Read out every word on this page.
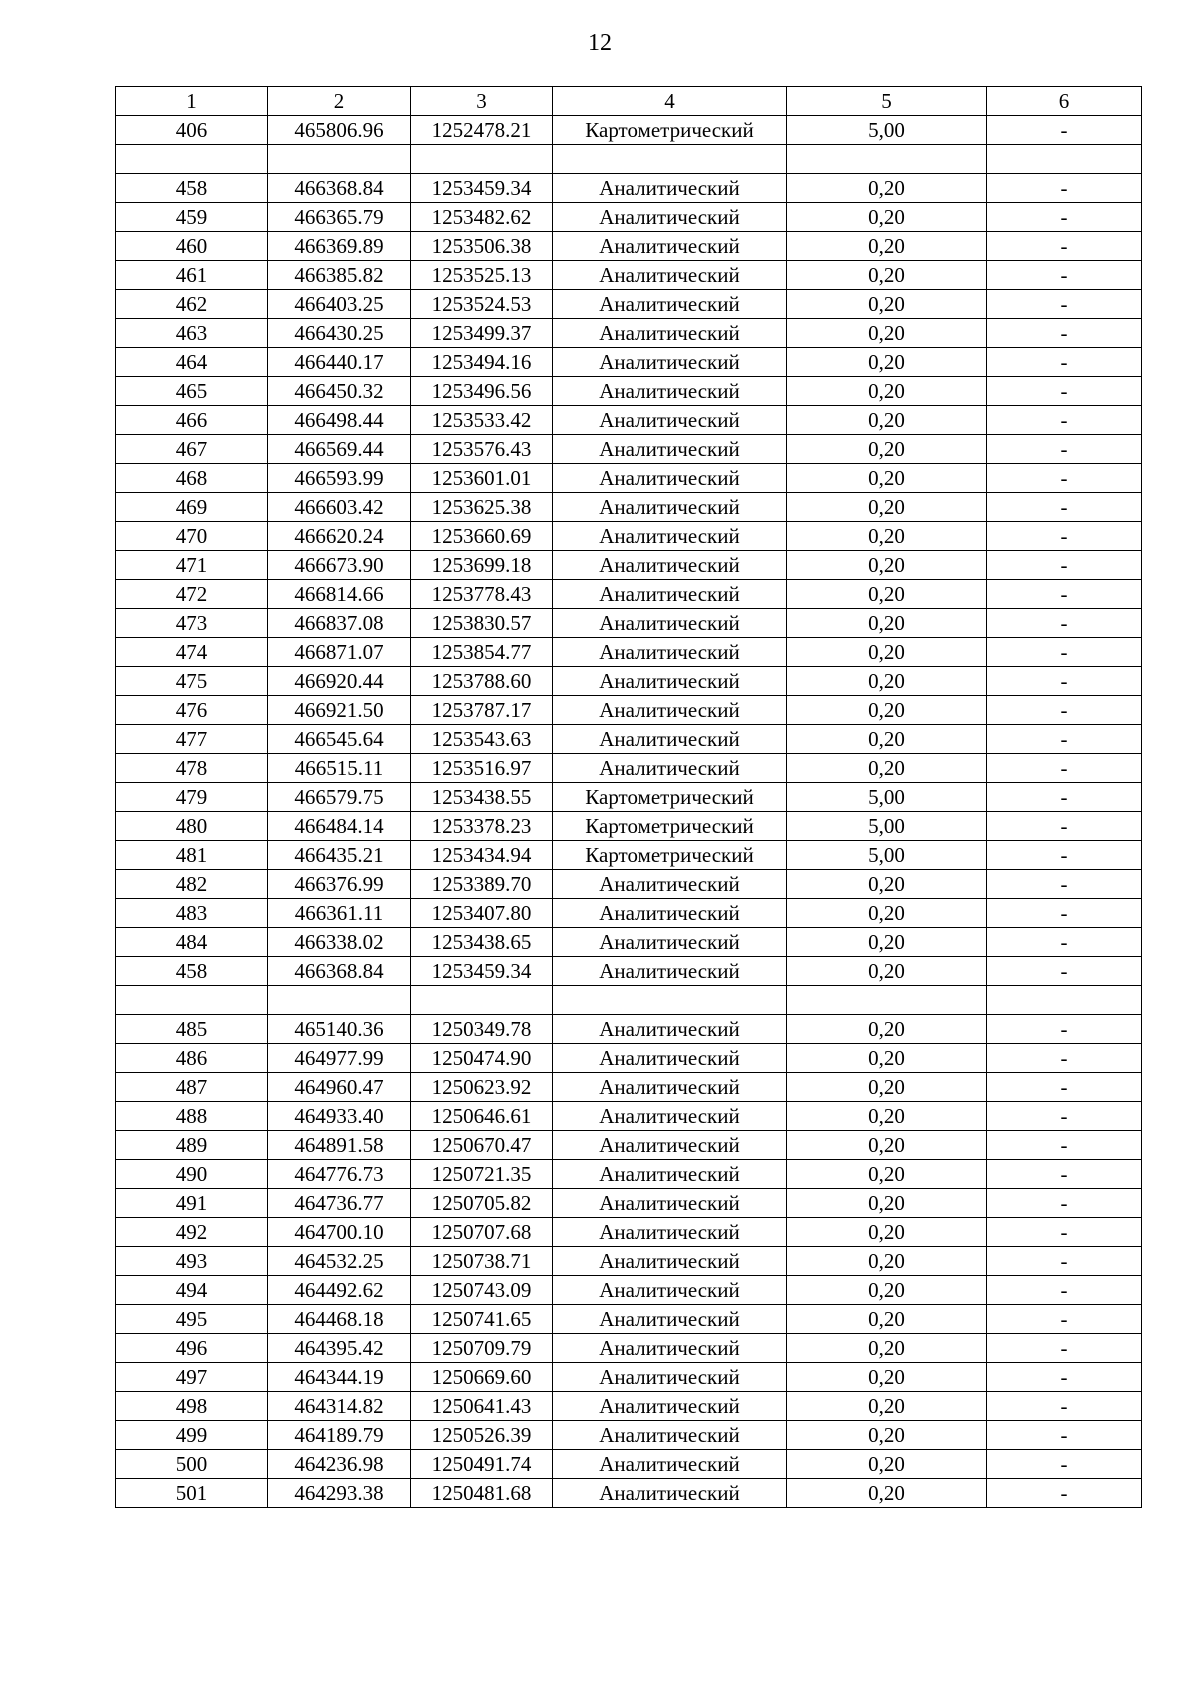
12
1	2	3	4	5	6
406	465806.96	1252478.21	Картометрический	5,00	-

458	466368.84	1253459.34	Аналитический	0,20	-
459	466365.79	1253482.62	Аналитический	0,20	-
460	466369.89	1253506.38	Аналитический	0,20	-
461	466385.82	1253525.13	Аналитический	0,20	-
462	466403.25	1253524.53	Аналитический	0,20	-
463	466430.25	1253499.37	Аналитический	0,20	-
464	466440.17	1253494.16	Аналитический	0,20	-
465	466450.32	1253496.56	Аналитический	0,20	-
466	466498.44	1253533.42	Аналитический	0,20	-
467	466569.44	1253576.43	Аналитический	0,20	-
468	466593.99	1253601.01	Аналитический	0,20	-
469	466603.42	1253625.38	Аналитический	0,20	-
470	466620.24	1253660.69	Аналитический	0,20	-
471	466673.90	1253699.18	Аналитический	0,20	-
472	466814.66	1253778.43	Аналитический	0,20	-
473	466837.08	1253830.57	Аналитический	0,20	-
474	466871.07	1253854.77	Аналитический	0,20	-
475	466920.44	1253788.60	Аналитический	0,20	-
476	466921.50	1253787.17	Аналитический	0,20	-
477	466545.64	1253543.63	Аналитический	0,20	-
478	466515.11	1253516.97	Аналитический	0,20	-
479	466579.75	1253438.55	Картометрический	5,00	-
480	466484.14	1253378.23	Картометрический	5,00	-
481	466435.21	1253434.94	Картометрический	5,00	-
482	466376.99	1253389.70	Аналитический	0,20	-
483	466361.11	1253407.80	Аналитический	0,20	-
484	466338.02	1253438.65	Аналитический	0,20	-
458	466368.84	1253459.34	Аналитический	0,20	-

485	465140.36	1250349.78	Аналитический	0,20	-
486	464977.99	1250474.90	Аналитический	0,20	-
487	464960.47	1250623.92	Аналитический	0,20	-
488	464933.40	1250646.61	Аналитический	0,20	-
489	464891.58	1250670.47	Аналитический	0,20	-
490	464776.73	1250721.35	Аналитический	0,20	-
491	464736.77	1250705.82	Аналитический	0,20	-
492	464700.10	1250707.68	Аналитический	0,20	-
493	464532.25	1250738.71	Аналитический	0,20	-
494	464492.62	1250743.09	Аналитический	0,20	-
495	464468.18	1250741.65	Аналитический	0,20	-
496	464395.42	1250709.79	Аналитический	0,20	-
497	464344.19	1250669.60	Аналитический	0,20	-
498	464314.82	1250641.43	Аналитический	0,20	-
499	464189.79	1250526.39	Аналитический	0,20	-
500	464236.98	1250491.74	Аналитический	0,20	-
501	464293.38	1250481.68	Аналитический	0,20	-
